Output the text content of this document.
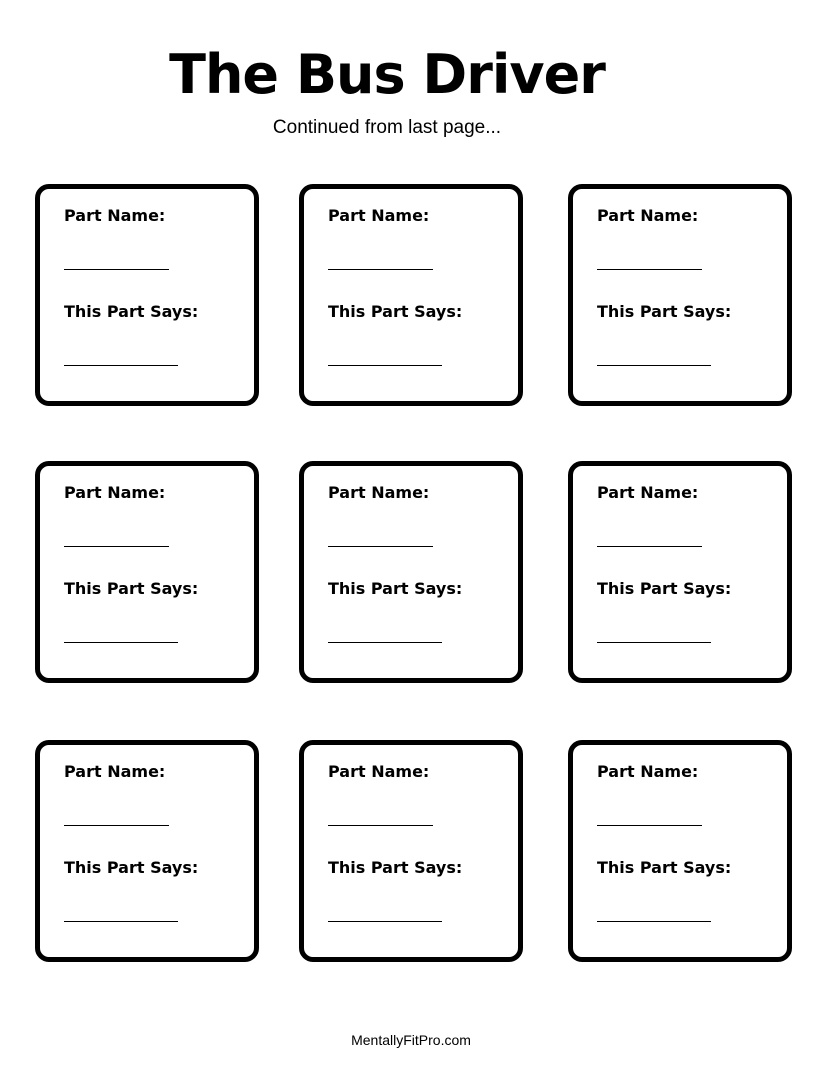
The Bus Driver
Continued from last page...
Part Name:
This Part Says:
Part Name:
This Part Says:
Part Name:
This Part Says:
Part Name:
This Part Says:
Part Name:
This Part Says:
Part Name:
This Part Says:
Part Name:
This Part Says:
Part Name:
This Part Says:
Part Name:
This Part Says:
MentallyFitPro.com
